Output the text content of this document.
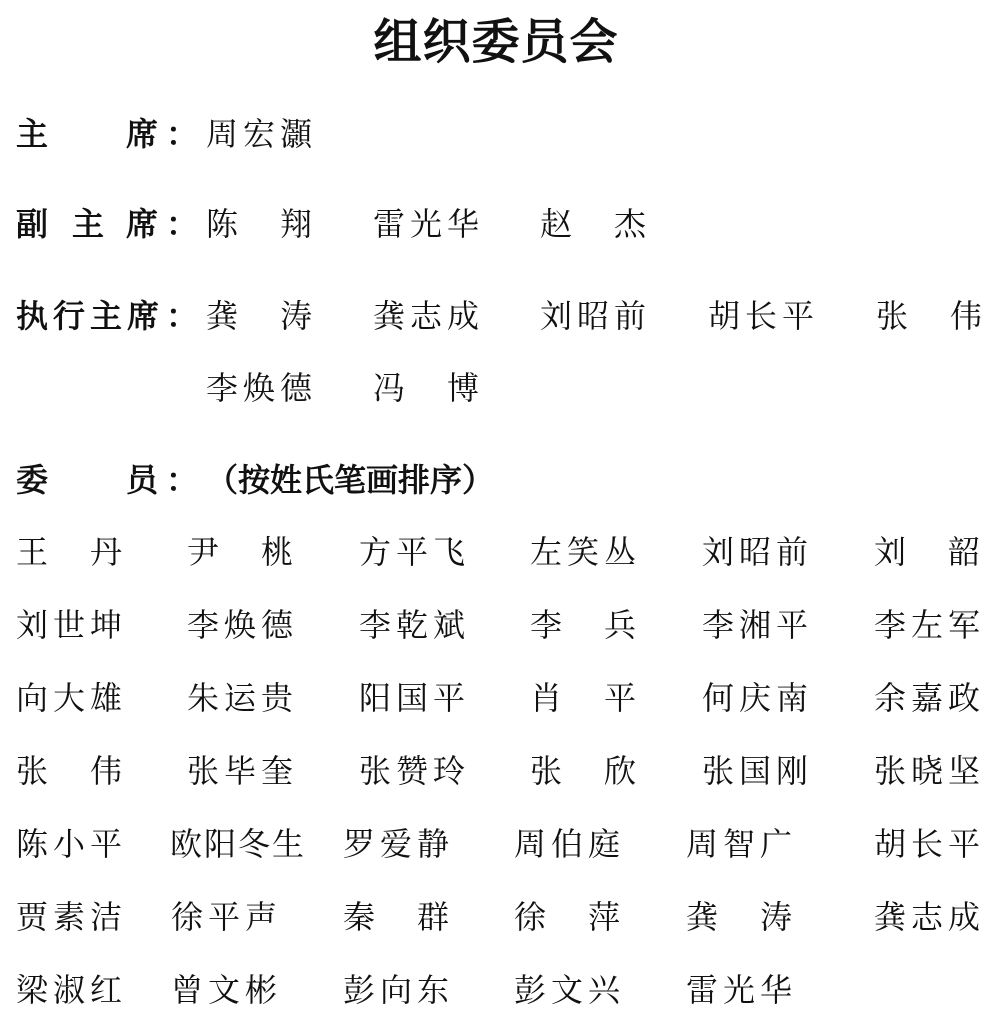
组织委员会
主 席 ： 周 宏 灝
副 主 席 ： 陈 翔 雷 光 华 赵 杰
执 行 主 席 ： 龚 涛 龚 志 成 刘 昭 前 胡 长 平 张 伟
李 焕 德 冯 博
委 员 ： （按姓氏笔画排序）
王 丹 尹 桃 方 平 飞 左 笑 丛 刘 昭 前 刘 韶
刘 世 坤 李 焕 德 李 乾 斌 李 兵 李 湘 平 李 左 军
向 大 雄 朱 运 贵 阳 国 平 肖 平 何 庆 南 余 嘉 政
张 伟 张 毕 奎 张 赞 玲 张 欣 张 国 刚 张 晓 坚
陈 小 平 欧 阳 冬 生 罗 爱 静 周 伯 庭 周 智 广	胡 长 平
贾 素 洁 徐 平 声 秦 群 徐 萍 龚 涛	龚 志 成
梁 淑 红 曾 文 彬 彭 向 东 彭 文 兴 雷 光 华
